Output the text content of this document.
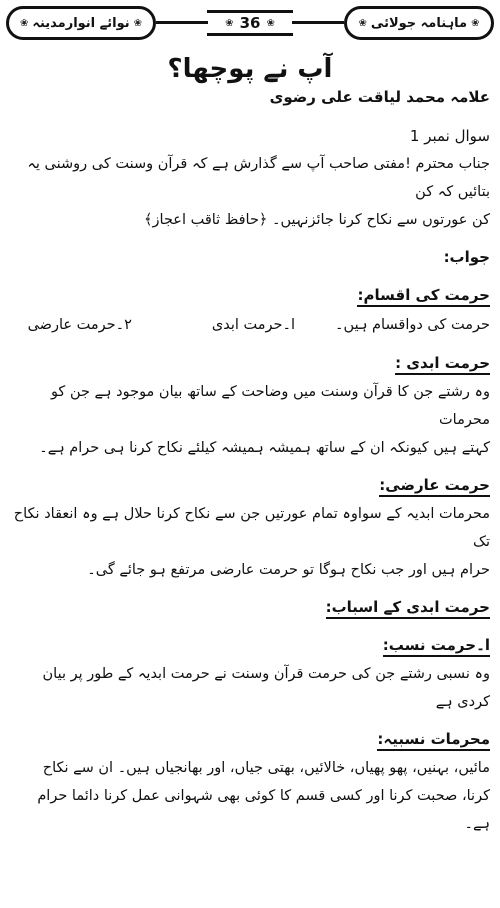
❀
نوائے انوارمدینہ
❀	❀ 36 ❀	❀
ماہنامہ جولائی
❀
آپ نے پوچھا؟
علامہ محمد لیاقت علی رضوی
سوال نمبر 1
جناب محترم !مفتی صاحب آپ سے گذارش ہے کہ قرآن وسنت کی روشنی یہ بتائیں کہ کن
کن عورتوں سے نکاح کرنا جائزنہیں۔ ﴿حافظ ثاقب اعجاز﴾
جواب:
حرمت کی اقسام:
حرمت کی دواقسام ہیں۔
ا۔حرمت ابدی
۲۔حرمت عارضی
حرمت ابدی :
وہ رشتے جن کا قرآن وسنت میں وضاحت کے ساتھ بیان موجود ہے جن کو محرمات
کہتے ہیں کیونکہ ان کے ساتھ ہمیشہ ہمیشہ کیلئے نکاح کرنا ہی حرام ہے۔
حرمت عارضی:
محرمات ابدیہ کے سواوہ تمام عورتیں جن سے نکاح کرنا حلال ہے وہ انعقاد نکاح تک
حرام ہیں اور جب نکاح ہوگا تو حرمت عارضی مرتفع ہو جائے گی۔
حرمت ابدی کے اسباب:
ا۔حرمت نسب:
وہ نسبی رشتے جن کی حرمت قرآن وسنت نے حرمت ابدیہ کے طور پر بیان کردی ہے
محرمات نسبیہ:
مائیں، بہنیں، پھو پھیاں، خالائیں، بھتی جیاں، اور بھانجیاں ہیں۔ ان سے نکاح
کرنا، صحبت کرنا اور کسی قسم کا کوئی بھی شہوانی عمل کرنا دائما حرام ہے۔
